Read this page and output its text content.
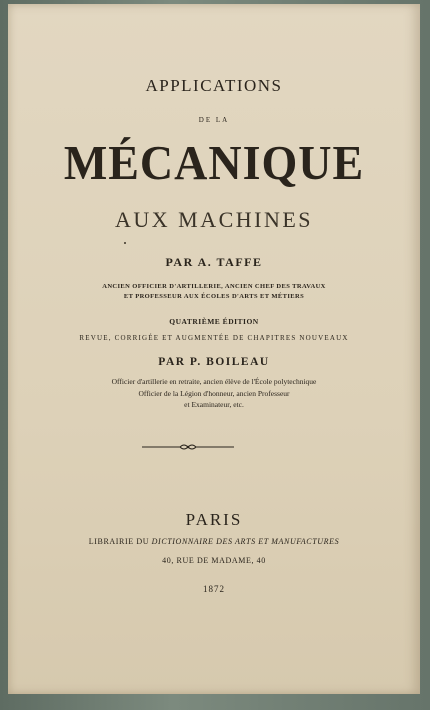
APPLICATIONS
DE LA
MÉCANIQUE
AUX MACHINES
PAR A. TAFFE
ANCIEN OFFICIER D'ARTILLERIE, ANCIEN CHEF DES TRAVAUX
ET PROFESSEUR AUX ÉCOLES D'ARTS ET MÉTIERS
QUATRIÈME ÉDITION
REVUE, CORRIGÉE ET AUGMENTÉE DE CHAPITRES NOUVEAUX
PAR P. BOILEAU
Officier d'artillerie en retraite, ancien élève de l'École polytechnique
Officier de la Légion d'honneur, ancien Professeur
et Examinateur, etc.
PARIS
LIBRAIRIE DU DICTIONNAIRE DES ARTS ET MANUFACTURES
40, RUE DE MADAME, 40
1872
